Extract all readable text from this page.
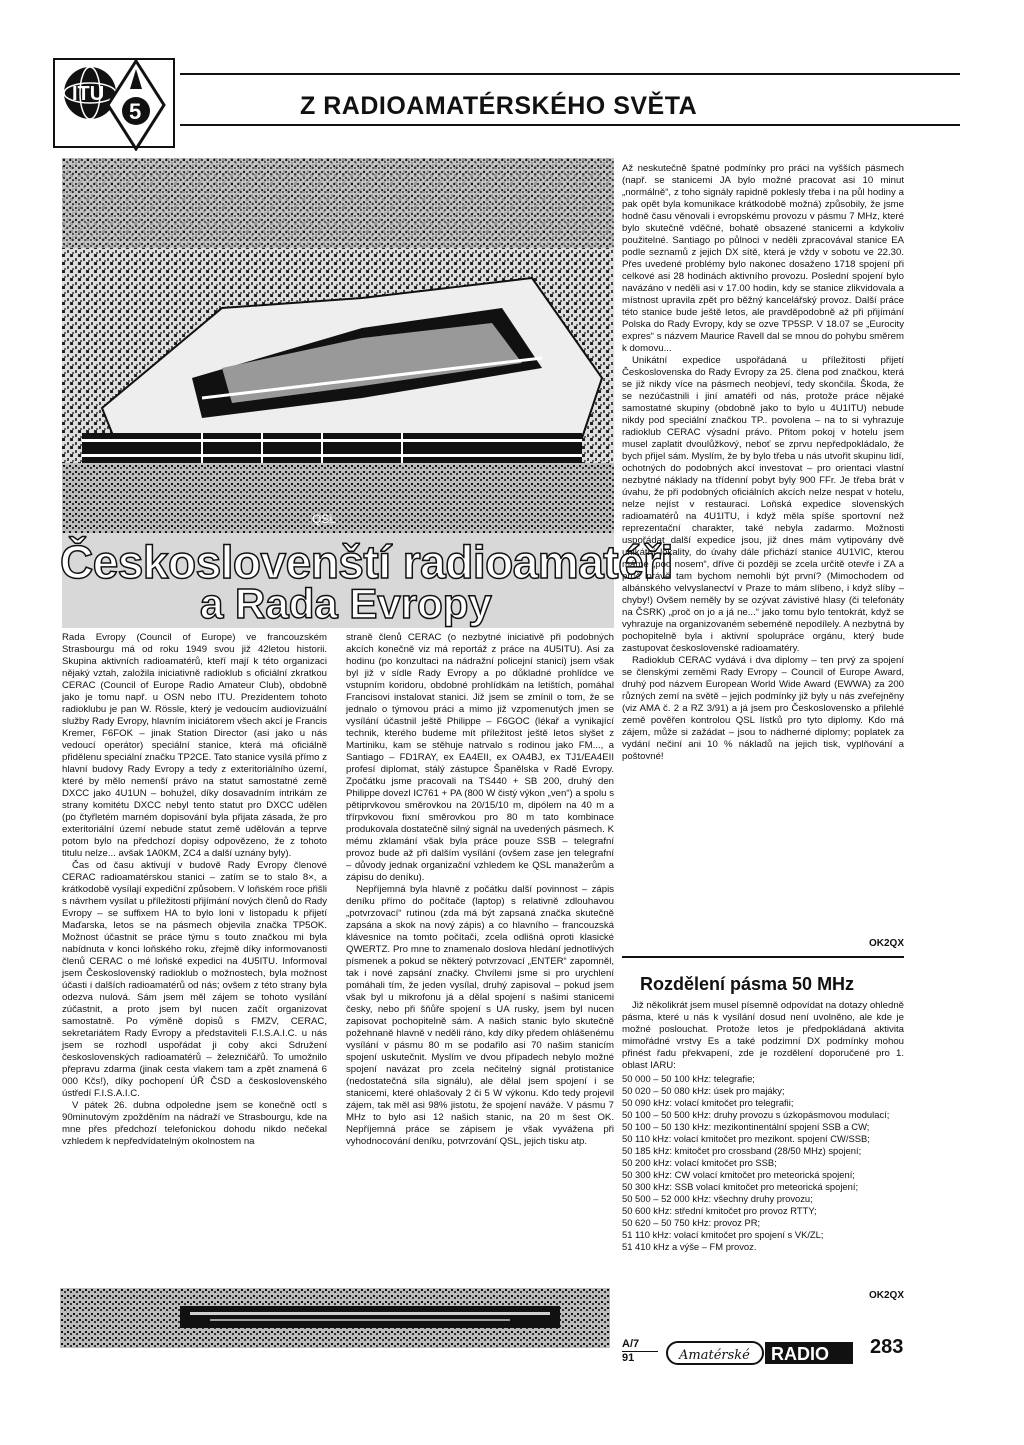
ITU
5	Z RADIOAMATÉRSKÉHO SVĚTA
QSL
Českoslovenští radioamatéři
a Rada Evropy

Rada Evropy (Council of Europe) ve francouzském Strasbourgu má od roku 1949 svou již 42letou historii. Skupina aktivních radioamatérů, kteří mají k této organizaci nějaký vztah, založila iniciativně radioklub s oficiální zkratkou CERAC (Council of Europe Radio Amateur Club), obdobně jako je tomu např. u OSN nebo ITU. Prezidentem tohoto radioklubu je pan W. Rössle, který je vedoucím audiovizuální služby Rady Evropy, hlavním iniciátorem všech akcí je Francis Kremer, F6FOK – jinak Station Director (asi jako u nás vedoucí operátor) speciální stanice, která má oficiálně přidělenu speciální značku TP2CE. Tato stanice vysílá přímo z hlavní budovy Rady Evropy a tedy z exteritoriálního území, které by mělo nemenší právo na statut samostatné země DXCC jako 4U1UN – bohužel, díky dosavadním intrikám ze strany komitétu DXCC nebyl tento statut pro DXCC udělen (po čtyřletém marném dopisování byla přijata zásada, že pro exteritoriální území nebude statut země udělován a teprve potom bylo na předchozí dopisy odpovězeno, že z tohoto titulu nelze... avšak 1A0KM, ZC4 a další uznány byly).

Čas od času aktivují v budově Rady Evropy členové CERAC radioamatérskou stanici – zatím se to stalo 8×, a krátkodobě vysílají expediční způsobem. V loňském roce přišli s návrhem vysílat u příležitosti přijímání nových členů do Rady Evropy – se suffixem HA to bylo loni v listopadu k přijetí Maďarska, letos se na pásmech objevila značka TP5OK. Možnost účastnit se práce týmu s touto značkou mi byla nabídnuta v konci loňského roku, zřejmě díky informovanosti členů CERAC o mé loňské expedici na 4U5ITU. Informoval jsem Československý radioklub o možnostech, byla možnost účasti i dalších radioamatérů od nás; ovšem z této strany byla odezva nulová. Sám jsem měl zájem se tohoto vysílání zúčastnit, a proto jsem byl nucen začít organizovat samostatně. Po výměně dopisů s FMZV, CERAC, sekretariátem Rady Evropy a představiteli F.I.S.A.I.C. u nás jsem se rozhodl uspořádat ji coby akci Sdružení československých radioamatérů – železničářů. To umožnilo přepravu zdarma (jinak cesta vlakem tam a zpět znamená 6 000 Kčs!), díky pochopení ÚŘ ČSD a československého ústředí F.I.S.A.I.C.

V pátek 26. dubna odpoledne jsem se konečně octl s 90minutovým zpožděním na nádraží ve Strasbourgu, kde na mne přes předchozí telefonickou dohodu nikdo nečekal vzhledem k nepředvídatelným okolnostem na

straně členů CERAC (o nezbytné iniciativě při podobných akcích konečně viz má reportáž z práce na 4U5ITU). Asi za hodinu (po konzultaci na nádražní policejní stanici) jsem však byl již v sídle Rady Evropy a po důkladné prohlídce ve vstupním koridoru, obdobné prohlídkám na letištích, pomáhal Francisovi instalovat stanici. Již jsem se zmínil o tom, že se jednalo o týmovou práci a mimo již vzpomenutých jmen se vysílání účastnil ještě Philippe – F6GOC (lékař a vynikající technik, kterého budeme mít příležitost ještě letos slyšet z Martiniku, kam se stěhuje natrvalo s rodinou jako FM..., a Santiago – FD1RAY, ex EA4EII, ex OA4BJ, ex TJ1/EA4EII profesí diplomat, stálý zástupce Španělska v Radě Evropy. Zpočátku jsme pracovali na TS440 + SB 200, druhý den Philippe dovezl IC761 + PA (800 W čistý výkon „ven“) a spolu s pětiprvkovou směrovkou na 20/15/10 m, dipólem na 40 m a třírpvkovou fixní směrovkou pro 80 m tato kombinace produkovala dostatečně silný signál na uvedených pásmech. K mému zklamání však byla práce pouze SSB – telegrafní provoz bude až při dalším vysílání (ovšem zase jen telegrafní – důvody jednak organizační vzhledem ke QSL manažerům a zápisu do deníku).

Nepříjemná byla hlavně z počátku další povinnost – zápis deníku přímo do počítače (laptop) s relativně zdlouhavou „potvrzovací“ rutinou (zda má být zapsaná značka skutečně zapsána a skok na nový zápis) a co hlavního – francouzská klávesnice na tomto počítači, zcela odlišná oproti klasické QWERTZ. Pro mne to znamenalo doslova hledání jednotlivých písmenek a pokud se některý potvrzovací „ENTER“ zapomněl, tak i nové zapsání značky. Chvílemi jsme si pro urychlení pomáhali tím, že jeden vysílal, druhý zapisoval – pokud jsem však byl u mikrofonu já a dělal spojení s našimi stanicemi česky, nebo při šňůře spojení s UA rusky, jsem byl nucen zapisovat pochopitelně sám. A našich stanic bylo skutečně požehnaně hlavně v neděli ráno, kdy díky předem ohlášenému vysílání v pásmu 80 m se podařilo asi 70 našim stanicím spojení uskutečnit. Myslím ve dvou případech nebylo možné spojení navázat pro zcela nečitelný signál protistanice (nedostatečná síla signálu), ale dělal jsem spojení i se stanicemi, které ohlašovaly 2 či 5 W výkonu. Kdo tedy projevil zájem, tak měl asi 98% jistotu, že spojení naváže. V pásmu 7 MHz to bylo asi 12 našich stanic, na 20 m šest OK. Nepříjemná práce se zápisem je však vyvážena při vyhodnocování deníku, potvrzování QSL, jejich tisku atp.

Až neskutečně špatné podmínky pro práci na vyšších pásmech (např. se stanicemi JA bylo možné pracovat asi 10 minut „normálně“, z toho signály rapidně poklesly třeba i na půl hodiny a pak opět byla komunikace krátkodobě možná) způsobily, že jsme hodně času věnovali i evropskému provozu v pásmu 7 MHz, které bylo skutečně vděčné, bohatě obsazené stanicemi a kdykoliv použitelné. Santiago po půlnoci v neděli zpracovával stanice EA podle seznamů z jejich DX sítě, která je vždy v sobotu ve 22.30. Přes uvedené problémy bylo nakonec dosaženo 1718 spojení při celkové asi 28 hodinách aktivního provozu. Poslední spojení bylo navázáno v neděli asi v 17.00 hodin, kdy se stanice zlikvidovala a místnost upravila zpět pro běžný kancelářský provoz. Další práce této stanice bude ještě letos, ale pravděpodobně až při přijímání Polska do Rady Evropy, kdy se ozve TP5SP. V 18.07 se „Eurocity expres“ s názvem Maurice Ravell dal se mnou do pohybu směrem k domovu...

Unikátní expedice uspořádaná u příležitosti přijetí Československa do Rady Evropy za 25. člena pod značkou, která se již nikdy více na pásmech neobjeví, tedy skončila. Škoda, že se nezúčastnili i jiní amatéři od nás, protože práce nějaké samostatné skupiny (obdobně jako to bylo u 4U1ITU) nebude nikdy pod speciální značkou TP.. povolena – na to si vyhrazuje radioklub CERAC výsadní právo. Přitom pokoj v hotelu jsem musel zaplatit dvoulůžkový, neboť se zprvu nepředpokládalo, že bych přijel sám. Myslím, že by bylo třeba u nás utvořit skupinu lidí, ochotných do podobných akcí investovat – pro orientaci vlastní nezbytné náklady na třídenní pobyt byly 900 FFr. Je třeba brát v úvahu, že při podobných oficiálních akcích nelze nespat v hotelu, nelze nejíst v restauraci. Loňská expedice slovenských radioamatérů na 4U1ITU, i když měla spíše sportovní než reprezentační charakter, také nebyla zadarmo. Možnosti uspořádat další expedice jsou, již dnes mám vytipovány dvě unikátní lokality, do úvahy dále přichází stanice 4U1VIC, kterou máme „pod nosem“, dříve či později se zcela určitě otevře i ZA a proč právě tam bychom nemohli být první? (Mimochodem od albánského velvyslanectví v Praze to mám slíbeno, i když slíby – chyby!) Ovšem neměly by se ozývat závistivé hlasy (či telefonáty na ČSRK) „proč on jo a já ne...“ jako tomu bylo tentokrát, když se vyhrazuje na organizovaném sebeméně nepodílely. A nezbytná by pochopitelně byla i aktivní spolupráce orgánu, který bude zastupovat československé radioamatéry.

Radioklub CERAC vydává i dva diplomy – ten prvý za spojení se členskými zeměmi Rady Evropy – Council of Europe Award, druhý pod názvem European World Wide Award (EWWA) za 200 různých zemí na světě – jejich podmínky již byly u nás zveřejněny (viz AMA č. 2 a RZ 3/91) a já jsem pro Československo a přilehlé země pověřen kontrolou QSL lístků pro tyto diplomy. Kdo má zájem, může si zažádat – jsou to nádherné diplomy; poplatek za vydání nečiní ani 10 % nákladů na jejich tisk, vyplňování a poštovné!

OK2QX
Rozdělení pásma 50 MHz

Již několikrát jsem musel písemně odpovídat na dotazy ohledně pásma, které u nás k vysílání dosud není uvolněno, ale kde je možné poslouchat. Protože letos je předpokládaná aktivita mimořádné vrstvy Es a také podzimní DX podmínky mohou přinést řadu překvapení, zde je rozdělení doporučené pro 1. oblast IARU:

50 000 – 50 100 kHz: telegrafie;
50 020 – 50 080 kHz: úsek pro majáky;
50 090 kHz: volací kmitočet pro telegrafii;
50 100 – 50 500 kHz: druhy provozu s úzkopásmovou modulací;
50 100 – 50 130 kHz: mezikontinentální spojení SSB a CW;
50 110 kHz: volací kmitočet pro mezikont. spojení CW/SSB;
50 185 kHz: kmitočet pro crossband (28/50 MHz) spojení;
50 200 kHz: volací kmitočet pro SSB;
50 300 kHz: CW volací kmitočet pro meteorická spojení;
50 300 kHz: SSB volací kmitočet pro meteorická spojení;
50 500 – 52 000 kHz: všechny druhy provozu;
50 600 kHz: střední kmitočet pro provoz RTTY;
50 620 – 50 750 kHz: provoz PR;
51 110 kHz: volací kmitočet pro spojení s VK/ZL;
51 410 kHz a výše – FM provoz.
OK2QX
A/7
91	Amatérské RADIO 283
